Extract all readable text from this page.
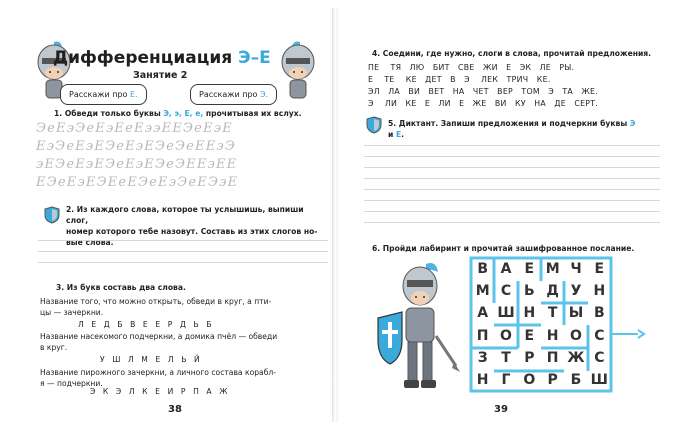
Дифференциация Э–Е
Занятие 2
Расскажи про Е.	Расскажи про Э.
1. Обведи только буквы Э, э, Е, е, прочитывая их вслух.
ЭеЕэЭеЕэЕеЕээЕЕЭеЕэЕ
ЕэЭеЕэЕЭеЕэЕЭеЭеЕЕэЭ
эЕЭеЕэЕЭеЕэЕЭеЭЕЕэЕЕ
ЕЭеЕэЕЭЕеЕЭеЕэЭеЕЭэЕ
2. Из каждого слова, которое ты услышишь, выпиши слог,
номер которого тебе назовут. Составь из этих слогов но-
вые слова.
3. Из букв составь два слова.
Название того, что можно открыть, обведи в круг, а пти-
цы — зачеркни.
Л Е Д Б В Е Е Р Д Ь Б
Название насекомого подчеркни, а домика пчёл — обведи
в круг.
У Ш Л М Е Л Ь Й
Название пирожного зачеркни, а личного состава корабл-
я — подчеркни.
Э К Э Л К Е И Р П А Ж
38
4. Соедини, где нужно, слоги в слова, прочитай предложения.
ПЕ    ТЯ   ЛЮ   БИТ   СВЕ   ЖИ   Е   ЭК   ЛЕ   РЫ.
Е    ТЕ    КЕ   ДЕТ   В   Э    ЛЕК   ТРИЧ   КЕ.
ЭЛ   ЛА   ВИ   ВЕТ   НА   ЧЕТ   ВЕР   ТОМ   Э   ТА   ЖЕ.
Э    ЛИ   КЕ   Е   ЛИ   Е   ЖЕ   ВИ   КУ   НА   ДЕ   СЕРТ.
5. Диктант. Запиши предложения и подчеркни буквы Э
и Е.
6. Пройди лабиринт и прочитай зашифрованное послание.
В А Е М Ч Е
М С Ь Д У Н
А Ш Н Т Ы В
П О Е Н О С
З Т Р П Ж С
Н Г О Р Б Ш
39
